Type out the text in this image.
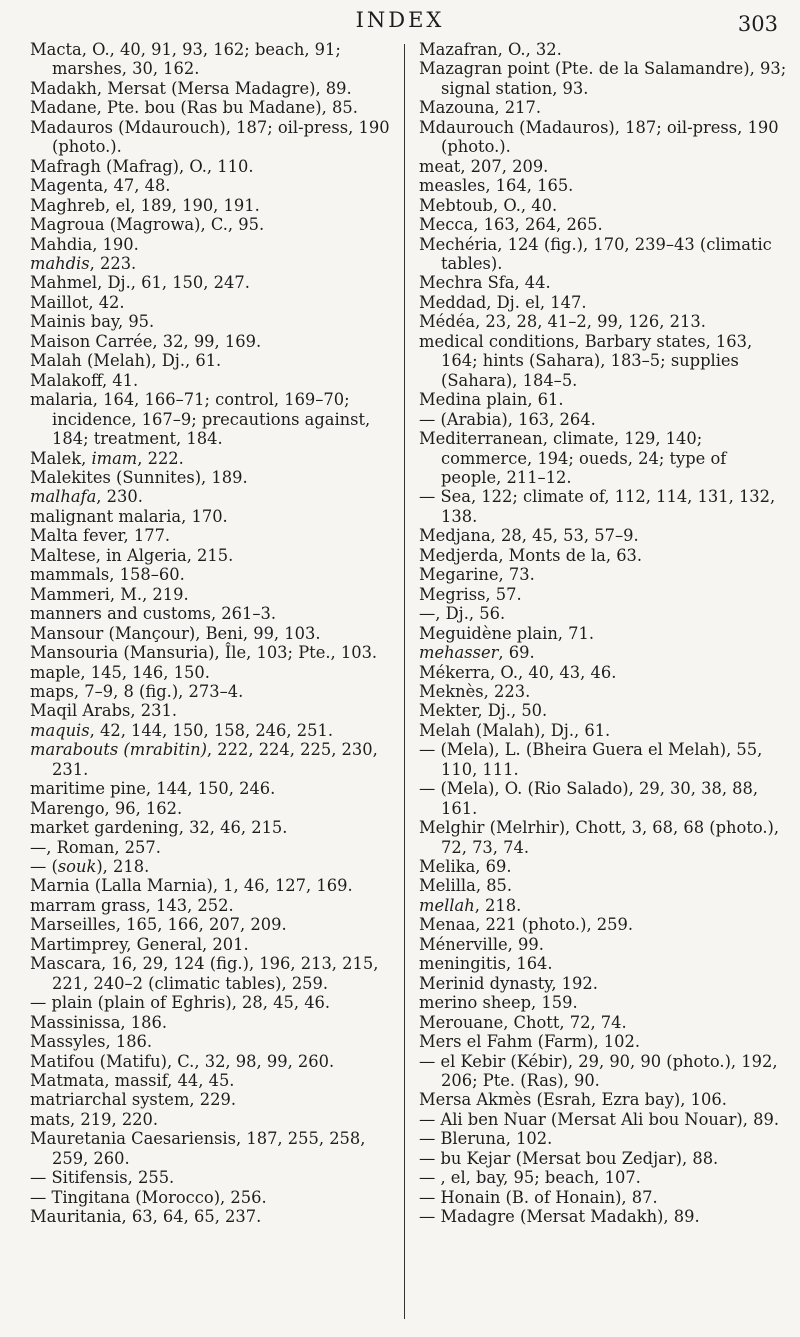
INDEX	303

Macta, O., 40, 91, 93, 162; beach, 91; marshes, 30, 162.

Madakh, Mersat (Mersa Madagre), 89.

Madane, Pte. bou (Ras bu Madane), 85.

Madauros (Mdaurouch), 187; oil-press, 190 (photo.).

Mafragh (Mafrag), O., 110.

Magenta, 47, 48.

Maghreb, el, 189, 190, 191.

Magroua (Magrowa), C., 95.

Mahdia, 190.

mahdis, 223.

Mahmel, Dj., 61, 150, 247.

Maillot, 42.

Mainis bay, 95.

Maison Carrée, 32, 99, 169.

Malah (Melah), Dj., 61.

Malakoff, 41.

malaria, 164, 166–71; control, 169–70; incidence, 167–9; precautions against, 184; treatment, 184.

Malek, imam, 222.

Malekites (Sunnites), 189.

malhafa, 230.

malignant malaria, 170.

Malta fever, 177.

Maltese, in Algeria, 215.

mammals, 158–60.

Mammeri, M., 219.

manners and customs, 261–3.

Mansour (Mançour), Beni, 99, 103.

Mansouria (Mansuria), Île, 103; Pte., 103.

maple, 145, 146, 150.

maps, 7–9, 8 (fig.), 273–4.

Maqil Arabs, 231.

maquis, 42, 144, 150, 158, 246, 251.

marabouts (mrabitin), 222, 224, 225, 230, 231.

maritime pine, 144, 150, 246.

Marengo, 96, 162.

market gardening, 32, 46, 215.

—, Roman, 257.

— (souk), 218.

Marnia (Lalla Marnia), 1, 46, 127, 169.

marram grass, 143, 252.

Marseilles, 165, 166, 207, 209.

Martimprey, General, 201.

Mascara, 16, 29, 124 (fig.), 196, 213, 215, 221, 240–2 (climatic tables), 259.

— plain (plain of Eghris), 28, 45, 46.

Massinissa, 186.

Massyles, 186.

Matifou (Matifu), C., 32, 98, 99, 260.

Matmata, massif, 44, 45.

matriarchal system, 229.

mats, 219, 220.

Mauretania Caesariensis, 187, 255, 258, 259, 260.

— Sitifensis, 255.

— Tingitana (Morocco), 256.

Mauritania, 63, 64, 65, 237.

Mazafran, O., 32.

Mazagran point (Pte. de la Salamandre), 93; signal station, 93.

Mazouna, 217.

Mdaurouch (Madauros), 187; oil-press, 190 (photo.).

meat, 207, 209.

measles, 164, 165.

Mebtoub, O., 40.

Mecca, 163, 264, 265.

Mechéria, 124 (fig.), 170, 239–43 (climatic tables).

Mechra Sfa, 44.

Meddad, Dj. el, 147.

Médéa, 23, 28, 41–2, 99, 126, 213.

medical conditions, Barbary states, 163, 164; hints (Sahara), 183–5; supplies (Sahara), 184–5.

Medina plain, 61.

— (Arabia), 163, 264.

Mediterranean, climate, 129, 140; commerce, 194; oueds, 24; type of people, 211–12.

— Sea, 122; climate of, 112, 114, 131, 132, 138.

Medjana, 28, 45, 53, 57–9.

Medjerda, Monts de la, 63.

Megarine, 73.

Megriss, 57.

—, Dj., 56.

Meguidène plain, 71.

mehasser, 69.

Mékerra, O., 40, 43, 46.

Meknès, 223.

Mekter, Dj., 50.

Melah (Malah), Dj., 61.

— (Mela), L. (Bheira Guera el Melah), 55, 110, 111.

— (Mela), O. (Rio Salado), 29, 30, 38, 88, 161.

Melghir (Melrhir), Chott, 3, 68, 68 (photo.), 72, 73, 74.

Melika, 69.

Melilla, 85.

mellah, 218.

Menaa, 221 (photo.), 259.

Ménerville, 99.

meningitis, 164.

Merinid dynasty, 192.

merino sheep, 159.

Merouane, Chott, 72, 74.

Mers el Fahm (Farm), 102.

— el Kebir (Kébir), 29, 90, 90 (photo.), 192, 206; Pte. (Ras), 90.

Mersa Akmès (Esrah, Ezra bay), 106.

— Ali ben Nuar (Mersat Ali bou Nouar), 89.

— Bleruna, 102.

— bu Kejar (Mersat bou Zedjar), 88.

— , el, bay, 95; beach, 107.

— Honain (B. of Honain), 87.

— Madagre (Mersat Madakh), 89.
